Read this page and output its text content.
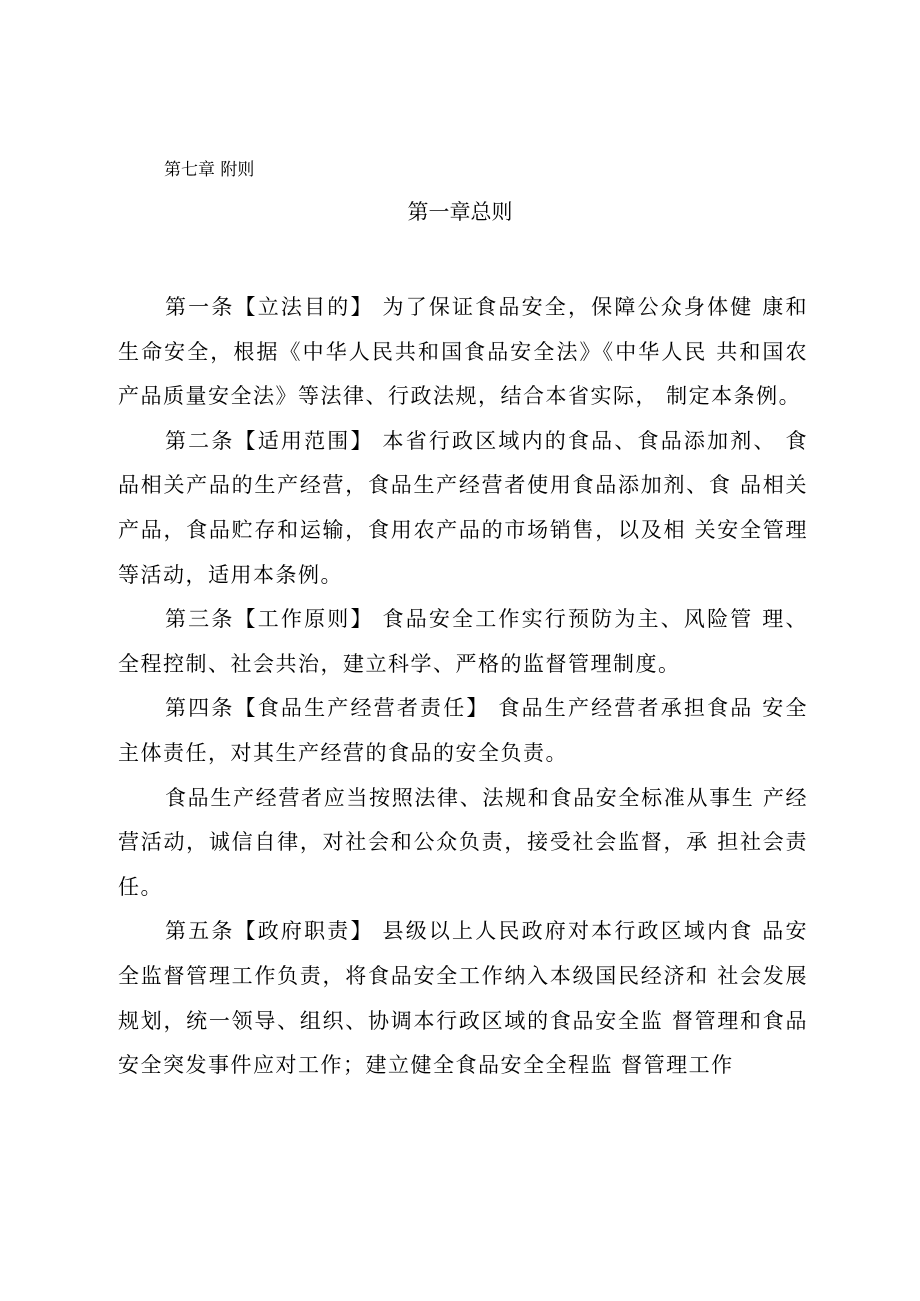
第七章 附则
第一章总则

第一条【立法目的】 为了保证食品安全，保障公众身体健 康和生命安全，根据《中华人民共和国食品安全法》《中华人民 共和国农产品质量安全法》等法律、行政法规，结合本省实际， 制定本条例。

第二条【适用范围】 本省行政区域内的食品、食品添加剂、 食品相关产品的生产经营，食品生产经营者使用食品添加剂、食 品相关产品，食品贮存和运输，食用农产品的市场销售，以及相 关安全管理等活动，适用本条例。

第三条【工作原则】 食品安全工作实行预防为主、风险管 理、全程控制、社会共治，建立科学、严格的监督管理制度。

第四条【食品生产经营者责任】 食品生产经营者承担食品 安全主体责任，对其生产经营的食品的安全负责。

食品生产经营者应当按照法律、法规和食品安全标准从事生 产经营活动，诚信自律，对社会和公众负责，接受社会监督，承 担社会责任。

第五条【政府职责】 县级以上人民政府对本行政区域内食 品安全监督管理工作负责，将食品安全工作纳入本级国民经济和 社会发展规划，统一领导、组织、协调本行政区域的食品安全监 督管理和食品安全突发事件应对工作；建立健全食品安全全程监 督管理工作
